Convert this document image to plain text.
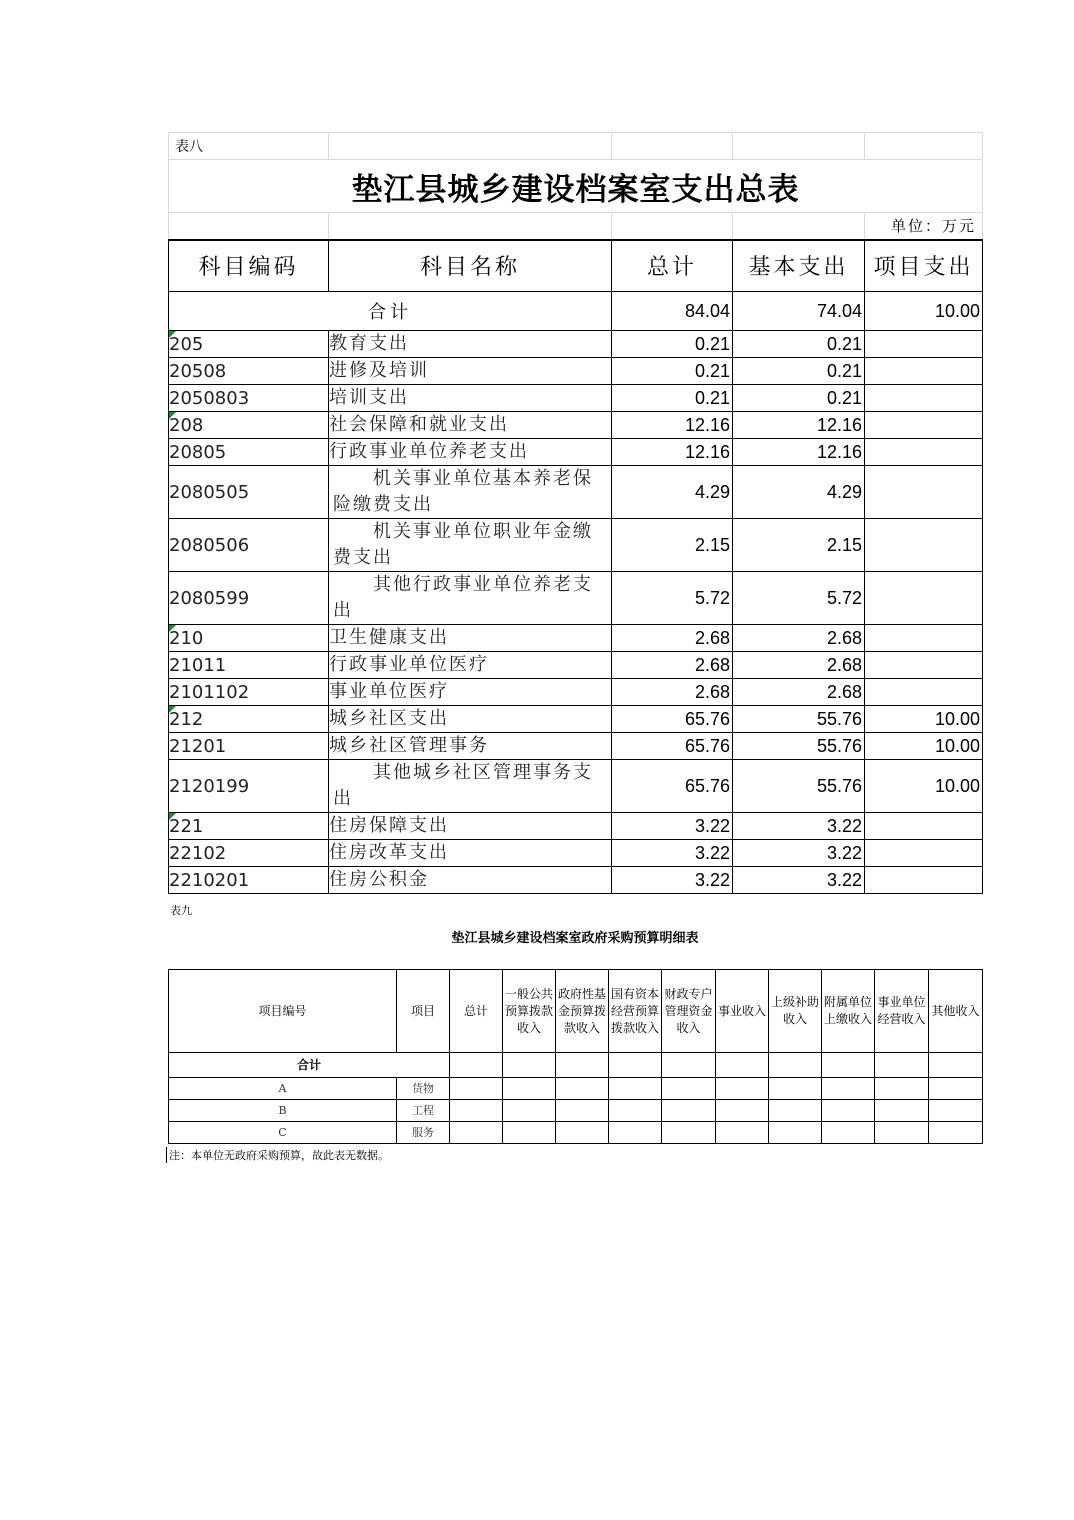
表八				
垫江县城乡建设档案室支出总表				
				单位：万元
科目编码	科目名称	总计	基本支出	项目支出
合计		84.04	74.04	10.00
205	教育支出	0.21	0.21	
20508	进修及培训	0.21	0.21	
2050803	培训支出	0.21	0.21	
208	社会保障和就业支出	12.16	12.16	
20805	行政事业单位养老支出	12.16	12.16	
2080505	机关事业单位基本养老保险缴费支出	4.29	4.29	
2080506	机关事业单位职业年金缴费支出	2.15	2.15	
2080599	其他行政事业单位养老支出	5.72	5.72	
210	卫生健康支出	2.68	2.68	
21011	行政事业单位医疗	2.68	2.68	
2101102	事业单位医疗	2.68	2.68	
212	城乡社区支出	65.76	55.76	10.00
21201	城乡社区管理事务	65.76	55.76	10.00
2120199	其他城乡社区管理事务支出	65.76	55.76	10.00
221	住房保障支出	3.22	3.22	
22102	住房改革支出	3.22	3.22	
2210201	住房公积金	3.22	3.22	
表九
垫江县城乡建设档案室政府采购预算明细表
项目编号	项目	总计	一般公共预算拨款收入	政府性基金预算拨款收入	国有资本经营预算拨款收入	财政专户管理资金收入	事业收入	上级补助收入	附属单位上缴收入	事业单位经营收入	其他收入
合计											
A	货物										
B	工程										
C	服务										
注：本单位无政府采购预算，故此表无数据。
